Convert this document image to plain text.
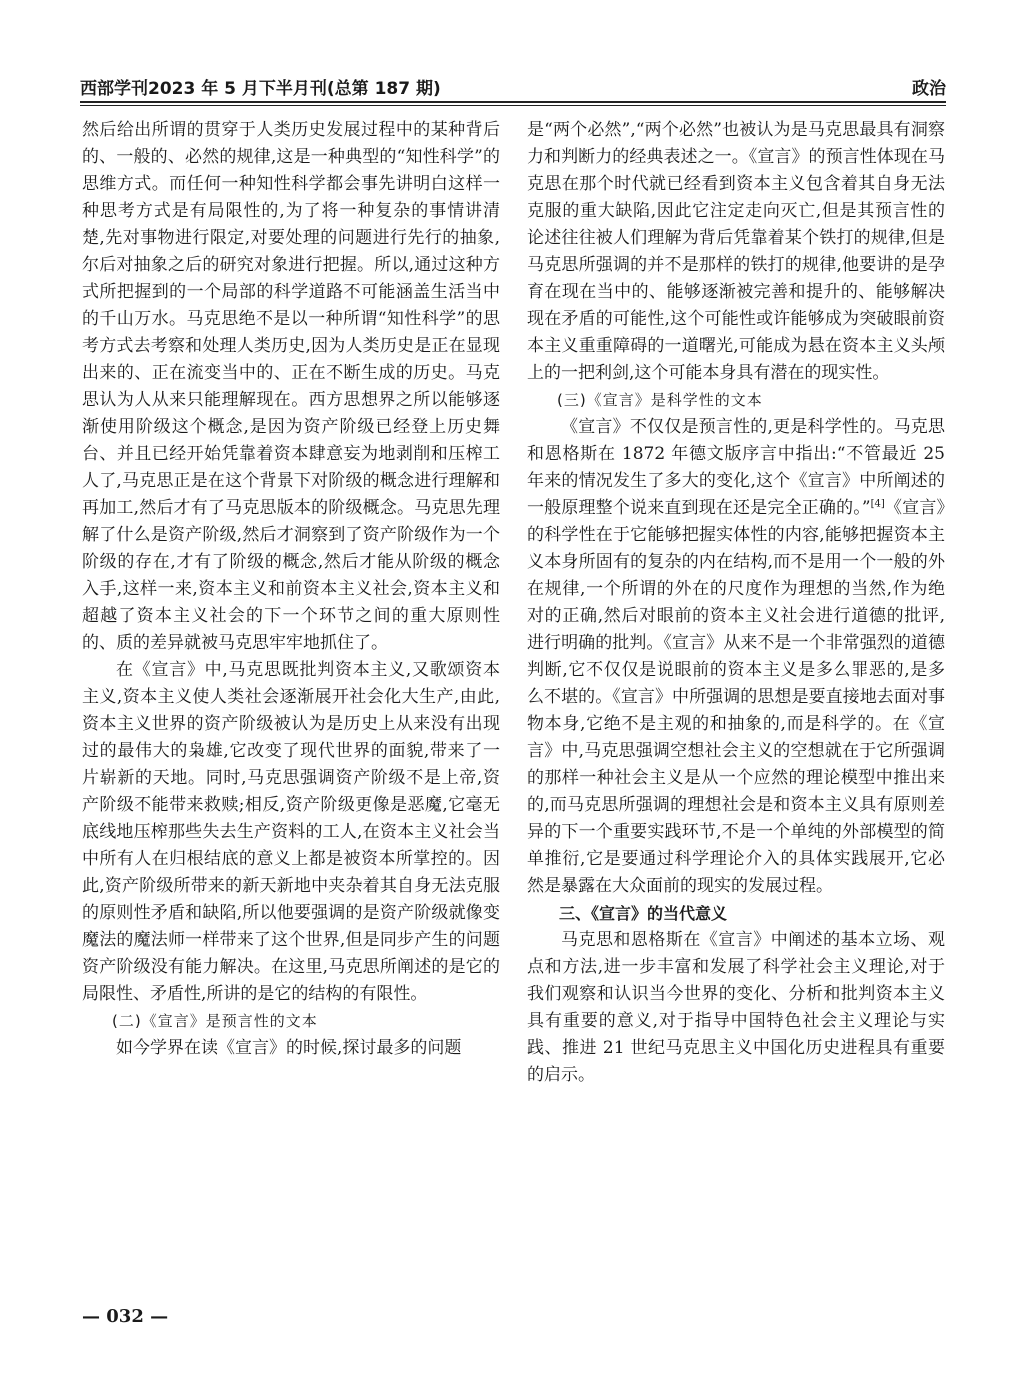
西部学刊2023 年 5 月下半月刊(总第 187 期)	政治

然后给出所谓的贯穿于人类历史发展过程中的某种背后的、一般的、必然的规律,这是一种典型的“知性科学”的思维方式。而任何一种知性科学都会事先讲明白这样一种思考方式是有局限性的,为了将一种复杂的事情讲清楚,先对事物进行限定,对要处理的问题进行先行的抽象,尔后对抽象之后的研究对象进行把握。所以,通过这种方式所把握到的一个局部的科学道路不可能涵盖生活当中的千山万水。马克思绝不是以一种所谓“知性科学”的思考方式去考察和处理人类历史,因为人类历史是正在显现出来的、正在流变当中的、正在不断生成的历史。马克思认为人从来只能理解现在。西方思想界之所以能够逐渐使用阶级这个概念,是因为资产阶级已经登上历史舞台、并且已经开始凭靠着资本肆意妄为地剥削和压榨工人了,马克思正是在这个背景下对阶级的概念进行理解和再加工,然后才有了马克思版本的阶级概念。马克思先理解了什么是资产阶级,然后才洞察到了资产阶级作为一个阶级的存在,才有了阶级的概念,然后才能从阶级的概念入手,这样一来,资本主义和前资本主义社会,资本主义和超越了资本主义社会的下一个环节之间的重大原则性的、质的差异就被马克思牢牢地抓住了。

在《宣言》中,马克思既批判资本主义,又歌颂资本主义,资本主义使人类社会逐渐展开社会化大生产,由此,资本主义世界的资产阶级被认为是历史上从来没有出现过的最伟大的枭雄,它改变了现代世界的面貌,带来了一片崭新的天地。同时,马克思强调资产阶级不是上帝,资产阶级不能带来救赎;相反,资产阶级更像是恶魔,它毫无底线地压榨那些失去生产资料的工人,在资本主义社会当中所有人在归根结底的意义上都是被资本所掌控的。因此,资产阶级所带来的新天新地中夹杂着其自身无法克服的原则性矛盾和缺陷,所以他要强调的是资产阶级就像变魔法的魔法师一样带来了这个世界,但是同步产生的问题资产阶级没有能力解决。在这里,马克思所阐述的是它的局限性、矛盾性,所讲的是它的结构的有限性。

(二)《宣言》是预言性的文本

如今学界在读《宣言》的时候,探讨最多的问题

是“两个必然”,“两个必然”也被认为是马克思最具有洞察力和判断力的经典表述之一。《宣言》的预言性体现在马克思在那个时代就已经看到资本主义包含着其自身无法克服的重大缺陷,因此它注定走向灭亡,但是其预言性的论述往往被人们理解为背后凭靠着某个铁打的规律,但是马克思所强调的并不是那样的铁打的规律,他要讲的是孕育在现在当中的、能够逐渐被完善和提升的、能够解决现在矛盾的可能性,这个可能性或许能够成为突破眼前资本主义重重障碍的一道曙光,可能成为悬在资本主义头颅上的一把利剑,这个可能本身具有潜在的现实性。

(三)《宣言》是科学性的文本

《宣言》不仅仅是预言性的,更是科学性的。马克思和恩格斯在 1872 年德文版序言中指出:“不管最近 25 年来的情况发生了多大的变化,这个《宣言》中所阐述的一般原理整个说来直到现在还是完全正确的。”[4]《宣言》的科学性在于它能够把握实体性的内容,能够把握资本主义本身所固有的复杂的内在结构,而不是用一个一般的外在规律,一个所谓的外在的尺度作为理想的当然,作为绝对的正确,然后对眼前的资本主义社会进行道德的批评,进行明确的批判。《宣言》从来不是一个非常强烈的道德判断,它不仅仅是说眼前的资本主义是多么罪恶的,是多么不堪的。《宣言》中所强调的思想是要直接地去面对事物本身,它绝不是主观的和抽象的,而是科学的。在《宣言》中,马克思强调空想社会主义的空想就在于它所强调的那样一种社会主义是从一个应然的理论模型中推出来的,而马克思所强调的理想社会是和资本主义具有原则差异的下一个重要实践环节,不是一个单纯的外部模型的简单推衍,它是要通过科学理论介入的具体实践展开,它必然是暴露在大众面前的现实的发展过程。

三、《宣言》的当代意义

马克思和恩格斯在《宣言》中阐述的基本立场、观点和方法,进一步丰富和发展了科学社会主义理论,对于我们观察和认识当今世界的变化、分析和批判资本主义具有重要的意义,对于指导中国特色社会主义理论与实践、推进 21 世纪马克思主义中国化历史进程具有重要的启示。

— 032 —
